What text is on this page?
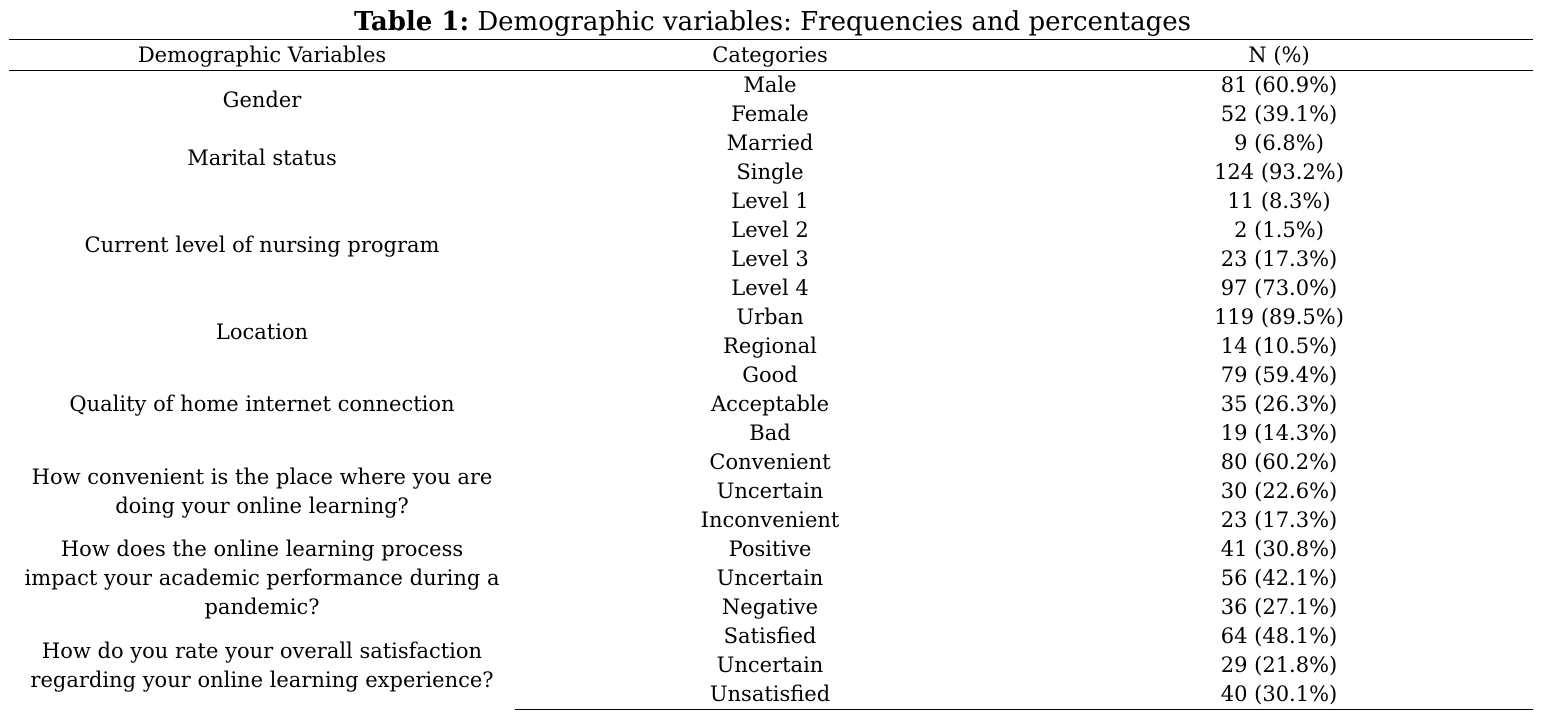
Table 1: Demographic variables: Frequencies and percentages
Demographic Variables	Categories	N (%)
Gender	Male	81 (60.9%)
	Female	52 (39.1%)
Marital status	Married	9 (6.8%)
	Single	124 (93.2%)
Current level of nursing program	Level 1	11 (8.3%)
	Level 2	2 (1.5%)
	Level 3	23 (17.3%)
	Level 4	97 (73.0%)
Location	Urban	119 (89.5%)
	Regional	14 (10.5%)
Quality of home internet connection	Good	79 (59.4%)
	Acceptable	35 (26.3%)
	Bad	19 (14.3%)
How convenient is the place where you are doing your online learning?	Convenient	80 (60.2%)
	Uncertain	30 (22.6%)
	Inconvenient	23 (17.3%)
How does the online learning process impact your academic performance during a pandemic?	Positive	41 (30.8%)
	Uncertain	56 (42.1%)
	Negative	36 (27.1%)
How do you rate your overall satisfaction regarding your online learning experience?	Satisfied	64 (48.1%)
	Uncertain	29 (21.8%)
	Unsatisfied	40 (30.1%)
